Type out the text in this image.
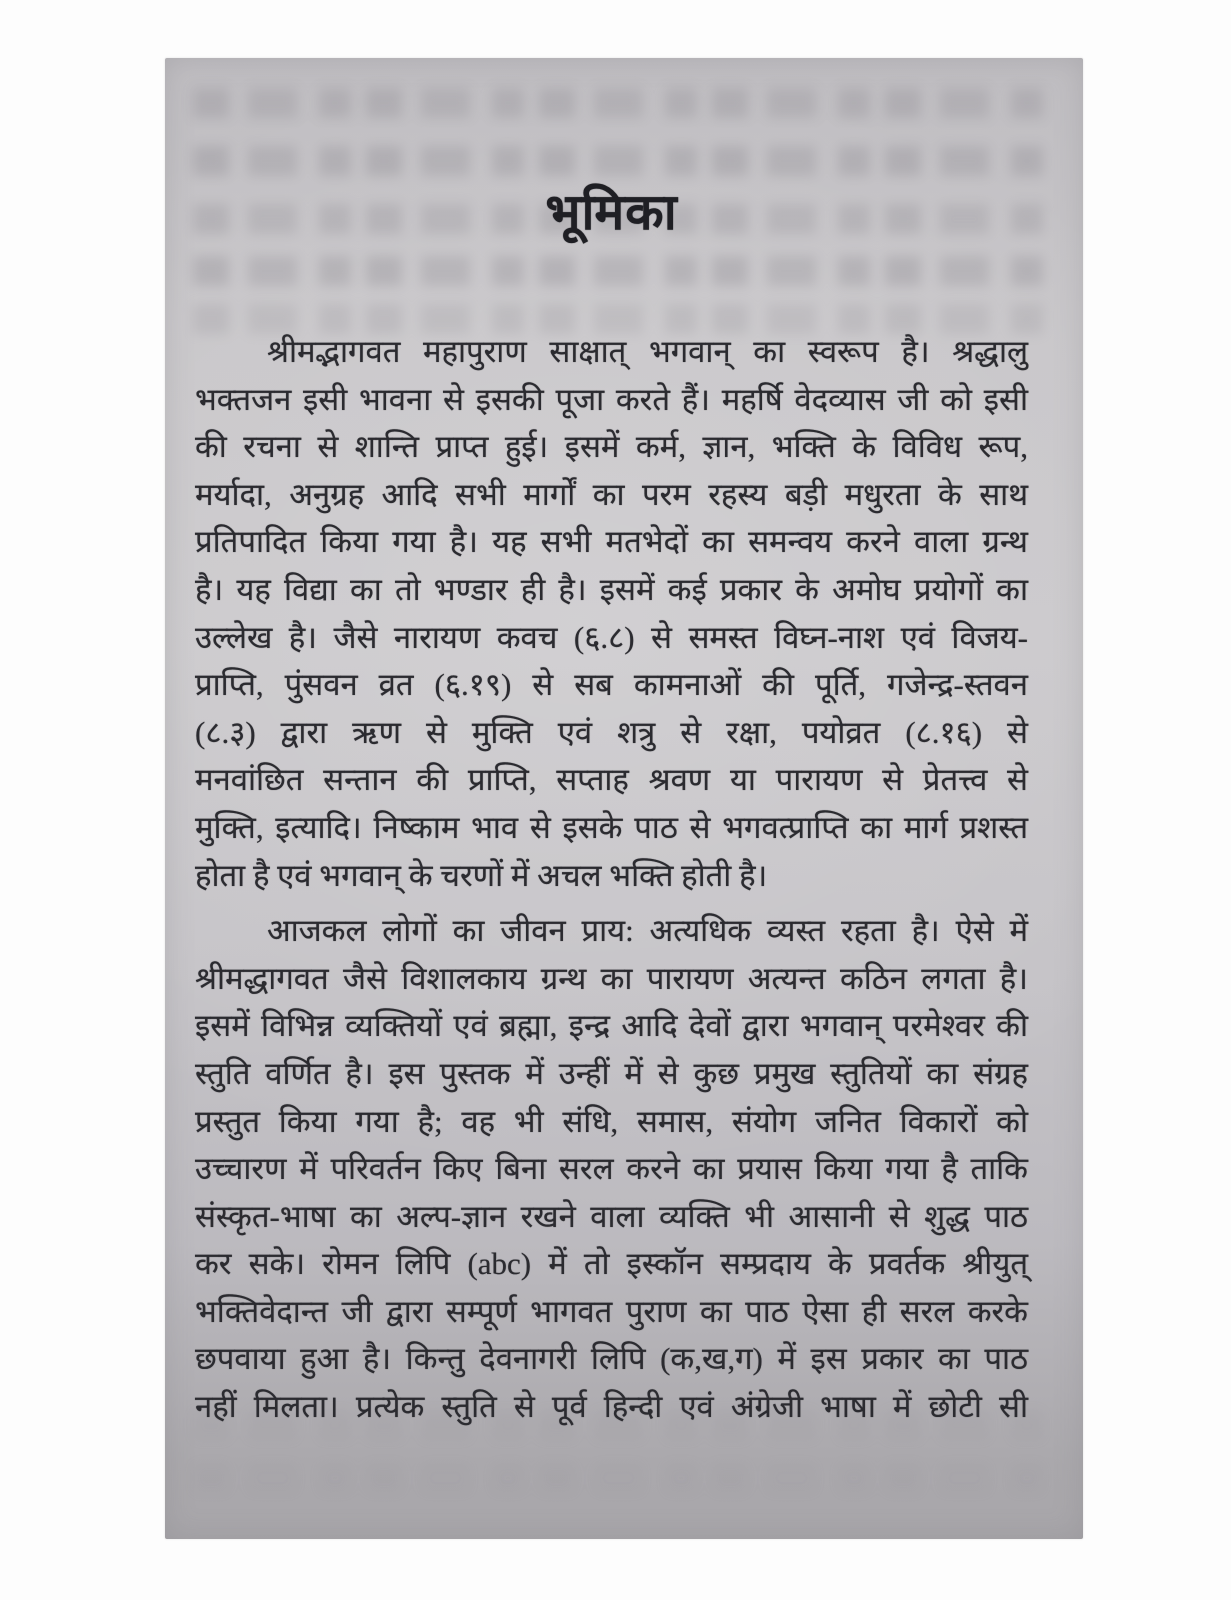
भूमिका
श्रीमद्भागवत महापुराण साक्षात् भगवान् का स्वरूप है। श्रद्धालु
भक्तजन इसी भावना से इसकी पूजा करते हैं। महर्षि वेदव्यास जी को इसी
की रचना से शान्ति प्राप्त हुई। इसमें कर्म, ज्ञान, भक्ति के विविध रूप,
मर्यादा, अनुग्रह आदि सभी मार्गों का परम रहस्य बड़ी मधुरता के साथ
प्रतिपादित किया गया है। यह सभी मतभेदों का समन्वय करने वाला ग्रन्थ
है। यह विद्या का तो भण्डार ही है। इसमें कई प्रकार के अमोघ प्रयोगों का
उल्लेख है। जैसे नारायण कवच (६.८) से समस्त विघ्न-नाश एवं विजय-
प्राप्ति, पुंसवन व्रत (६.१९) से सब कामनाओं की पूर्ति, गजेन्द्र-स्तवन
(८.३) द्वारा ऋण से मुक्ति एवं शत्रु से रक्षा, पयोव्रत (८.१६) से
मनवांछित सन्तान की प्राप्ति, सप्ताह श्रवण या पारायण से प्रेतत्त्व से
मुक्ति, इत्यादि। निष्काम भाव से इसके पाठ से भगवत्प्राप्ति का मार्ग प्रशस्त
होता है एवं भगवान् के चरणों में अचल भक्ति होती है।
आजकल लोगों का जीवन प्राय: अत्यधिक व्यस्त रहता है। ऐसे में
श्रीमद्धागवत जैसे विशालकाय ग्रन्थ का पारायण अत्यन्त कठिन लगता है।
इसमें विभिन्न व्यक्तियों एवं ब्रह्मा, इन्द्र आदि देवों द्वारा भगवान् परमेश्वर की
स्तुति वर्णित है। इस पुस्तक में उन्हीं में से कुछ प्रमुख स्तुतियों का संग्रह
प्रस्तुत किया गया है; वह भी संधि, समास, संयोग जनित विकारों को
उच्चारण में परिवर्तन किए बिना सरल करने का प्रयास किया गया है ताकि
संस्कृत-भाषा का अल्प-ज्ञान रखने वाला व्यक्ति भी आसानी से शुद्ध पाठ
कर सके। रोमन लिपि (abc) में तो इस्कॉन सम्प्रदाय के प्रवर्तक श्रीयुत्
भक्तिवेदान्त जी द्वारा सम्पूर्ण भागवत पुराण का पाठ ऐसा ही सरल करके
छपवाया हुआ है। किन्तु देवनागरी लिपि (क,ख,ग) में इस प्रकार का पाठ
नहीं मिलता। प्रत्येक स्तुति से पूर्व हिन्दी एवं अंग्रेजी भाषा में छोटी सी
